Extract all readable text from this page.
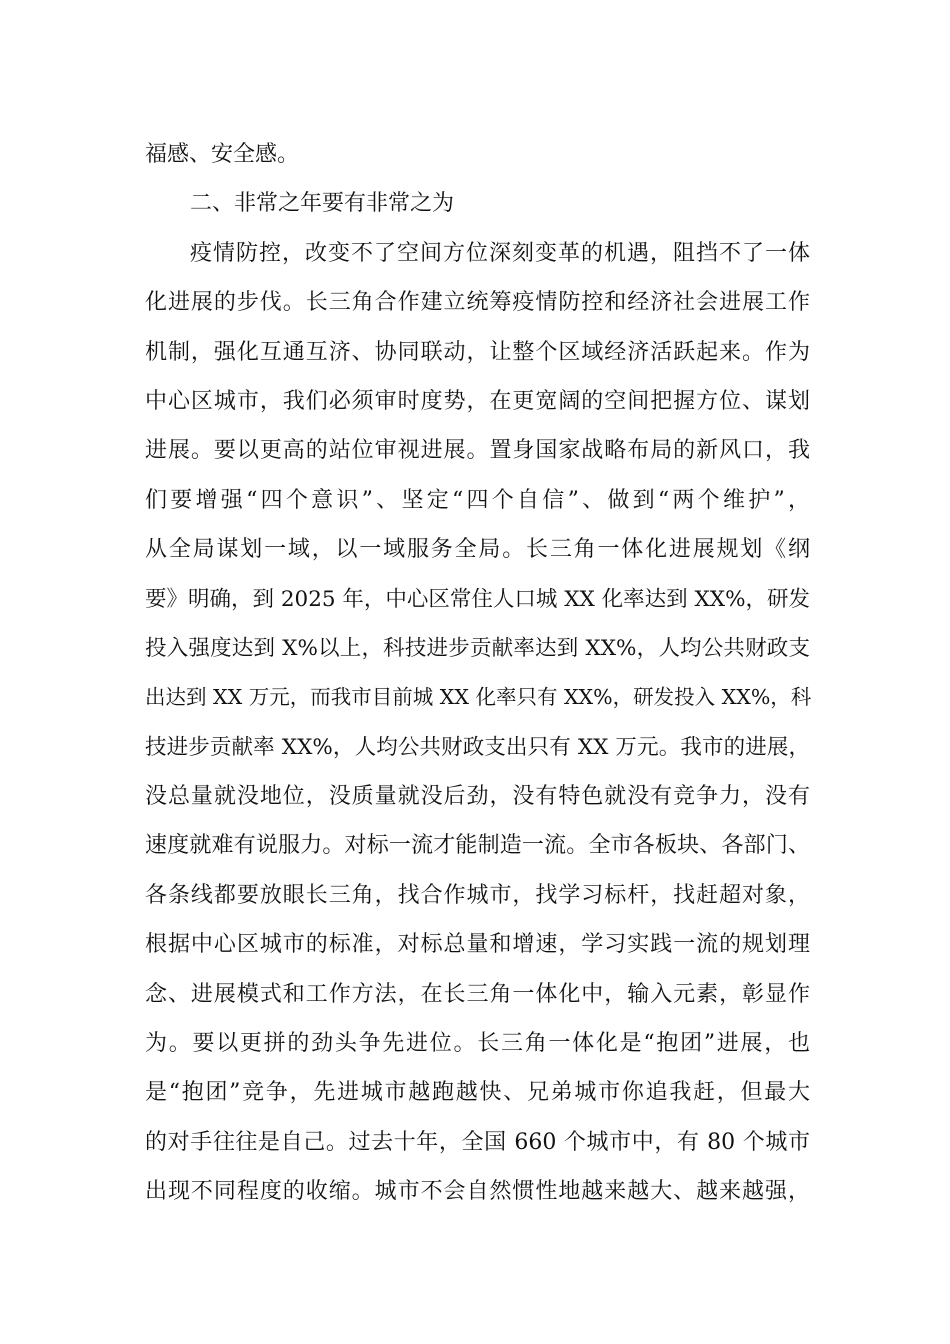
福感、安全感。
二、非常之年要有非常之为
疫情防控，改变不了空间方位深刻变革的机遇，阻挡不了一体
化进展的步伐。长三角合作建立统筹疫情防控和经济社会进展工作
机制，强化互通互济、协同联动，让整个区域经济活跃起来。作为
中心区城市，我们必须审时度势，在更宽阔的空间把握方位、谋划
进展。要以更高的站位审视进展。置身国家战略布局的新风口，我
们要增强“四个意识”、坚定“四个自信”、做到“两个维护”，
从全局谋划一域，以一域服务全局。长三角一体化进展规划《纲
要》明确，到 2025 年，中心区常住人口城 XX 化率达到 XX%，研发
投入强度达到 X%以上，科技进步贡献率达到 XX%，人均公共财政支
出达到 XX 万元，而我市目前城 XX 化率只有 XX%，研发投入 XX%，科
技进步贡献率 XX%，人均公共财政支出只有 XX 万元。我市的进展，
没总量就没地位，没质量就没后劲，没有特色就没有竞争力，没有
速度就难有说服力。对标一流才能制造一流。全市各板块、各部门、
各条线都要放眼长三角，找合作城市，找学习标杆，找赶超对象，
根据中心区城市的标准，对标总量和增速，学习实践一流的规划理
念、进展模式和工作方法，在长三角一体化中，输入元素，彰显作
为。要以更拼的劲头争先进位。长三角一体化是“抱团”进展，也
是“抱团”竞争，先进城市越跑越快、兄弟城市你追我赶，但最大
的对手往往是自己。过去十年，全国 660 个城市中，有 80 个城市
出现不同程度的收缩。城市不会自然惯性地越来越大、越来越强，
